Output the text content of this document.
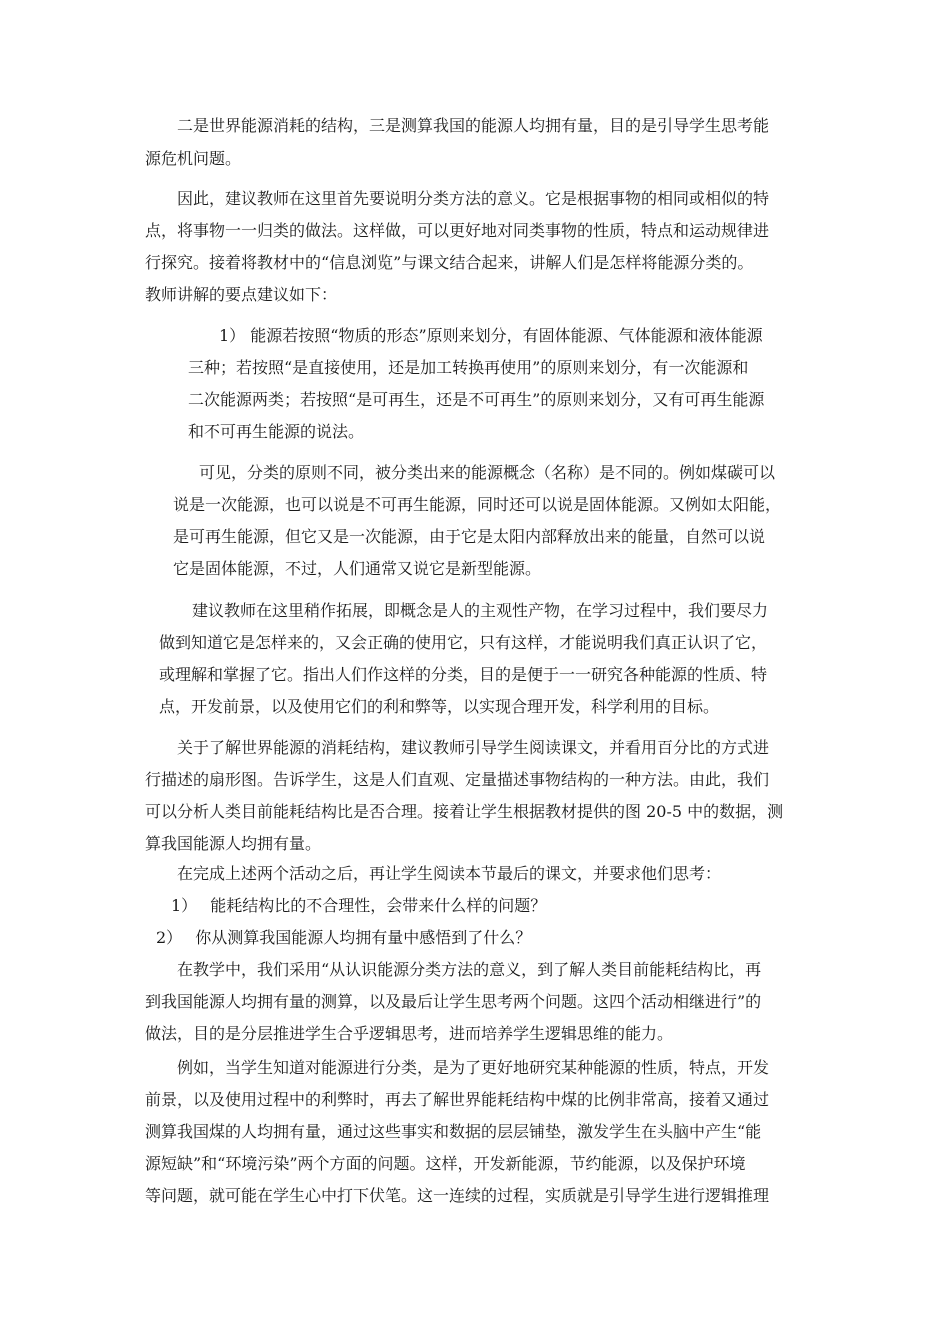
二是世界能源消耗的结构，三是测算我国的能源人均拥有量，目的是引导学生思考能
源危机问题。
因此，建议教师在这里首先要说明分类方法的意义。它是根据事物的相同或相似的特
点，将事物一一归类的做法。这样做，可以更好地对同类事物的性质，特点和运动规律进
行探究。接着将教材中的“信息浏览”与课文结合起来，讲解人们是怎样将能源分类的。
教师讲解的要点建议如下：
1） 能源若按照“物质的形态”原则来划分，有固体能源、气体能源和液体能源
三种；若按照“是直接使用，还是加工转换再使用”的原则来划分，有一次能源和
二次能源两类；若按照“是可再生，还是不可再生”的原则来划分，又有可再生能源
和不可再生能源的说法。
可见，分类的原则不同，被分类出来的能源概念（名称）是不同的。例如煤碳可以
说是一次能源，也可以说是不可再生能源，同时还可以说是固体能源。又例如太阳能，
是可再生能源，但它又是一次能源，由于它是太阳内部释放出来的能量，自然可以说
它是固体能源，不过，人们通常又说它是新型能源。
建议教师在这里稍作拓展，即概念是人的主观性产物，在学习过程中，我们要尽力
做到知道它是怎样来的，又会正确的使用它，只有这样，才能说明我们真正认识了它，
或理解和掌握了它。指出人们作这样的分类，目的是便于一一研究各种能源的性质、特
点，开发前景，以及使用它们的利和弊等，以实现合理开发，科学利用的目标。
关于了解世界能源的消耗结构，建议教师引导学生阅读课文，并看用百分比的方式进
行描述的扇形图。告诉学生，这是人们直观、定量描述事物结构的一种方法。由此，我们
可以分析人类目前能耗结构比是否合理。接着让学生根据教材提供的图 20-5 中的数据，测
算我国能源人均拥有量。
在完成上述两个活动之后，再让学生阅读本节最后的课文，并要求他们思考：
1）　 能耗结构比的不合理性，会带来什么样的问题？
2）　 你从测算我国能源人均拥有量中感悟到了什么？
在教学中，我们采用“从认识能源分类方法的意义，到了解人类目前能耗结构比，再
到我国能源人均拥有量的测算，以及最后让学生思考两个问题。这四个活动相继进行”的
做法，目的是分层推进学生合乎逻辑思考，进而培养学生逻辑思维的能力。
例如，当学生知道对能源进行分类，是为了更好地研究某种能源的性质，特点，开发
前景，以及使用过程中的利弊时，再去了解世界能耗结构中煤的比例非常高，接着又通过
测算我国煤的人均拥有量，通过这些事实和数据的层层铺垫，激发学生在头脑中产生“能
源短缺”和“环境污染”两个方面的问题。这样，开发新能源，节约能源，以及保护环境
等问题，就可能在学生心中打下伏笔。这一连续的过程，实质就是引导学生进行逻辑推理
